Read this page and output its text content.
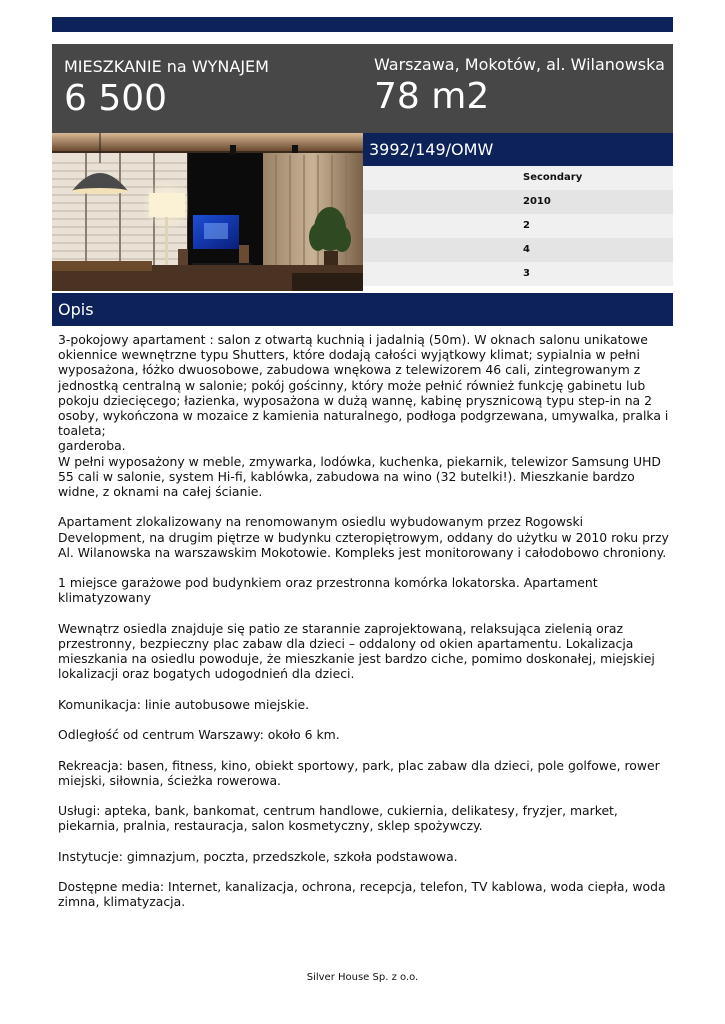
MIESZKANIE na WYNAJEM
6 500
Warszawa, Mokotów, al. Wilanowska
78 m2
3992/149/OMW
Secondary
2010
2
4
3
Opis

3-pokojowy apartament : salon z otwartą kuchnią i jadalnią (50m). W oknach salonu unikatowe okiennice wewnętrzne typu Shutters, które dodają całości wyjątkowy klimat; sypialnia w pełni wyposażona, łóżko dwuosobowe, zabudowa wnękowa z telewizorem 46 cali, zintegrowanym z jednostką centralną w salonie; pokój gościnny, który może pełnić również funkcję gabinetu lub pokoju dziecięcego; łazienka, wyposażona w dużą wannę, kabinę prysznicową typu step-in na 2 osoby, wykończona w mozaice z kamienia naturalnego, podłoga podgrzewana, umywalka, pralka i toaleta;
garderoba.
W pełni wyposażony w meble, zmywarka, lodówka, kuchenka, piekarnik, telewizor Samsung UHD 55 cali w salonie, system Hi-fi, kablówka, zabudowa na wino (32 butelki!). Mieszkanie bardzo widne, z oknami na całej ścianie.

Apartament zlokalizowany na renomowanym osiedlu wybudowanym przez Rogowski Development, na drugim piętrze w budynku czteropiętrowym, oddany do użytku w 2010 roku przy Al. Wilanowska na warszawskim Mokotowie. Kompleks jest monitorowany i całodobowo chroniony.

1 miejsce garażowe pod budynkiem oraz przestronna komórka lokatorska. Apartament klimatyzowany

Wewnątrz osiedla znajduje się patio ze starannie zaprojektowaną, relaksująca zielenią oraz przestronny, bezpieczny plac zabaw dla dzieci – oddalony od okien apartamentu. Lokalizacja mieszkania na osiedlu powoduje, że mieszkanie jest bardzo ciche, pomimo doskonałej, miejskiej lokalizacji oraz bogatych udogodnień dla dzieci.

Komunikacja: linie autobusowe miejskie.

Odległość od centrum Warszawy: około 6 km.

Rekreacja: basen, fitness, kino, obiekt sportowy, park, plac zabaw dla dzieci, pole golfowe, rower miejski, siłownia, ścieżka rowerowa.

Usługi: apteka, bank, bankomat, centrum handlowe, cukiernia, delikatesy, fryzjer, market, piekarnia, pralnia, restauracja, salon kosmetyczny, sklep spożywczy.

Instytucje: gimnazjum, poczta, przedszkole, szkoła podstawowa.

Dostępne media: Internet, kanalizacja, ochrona, recepcja, telefon, TV kablowa, woda ciepła, woda zimna, klimatyzacja.

Silver House Sp. z o.o.
